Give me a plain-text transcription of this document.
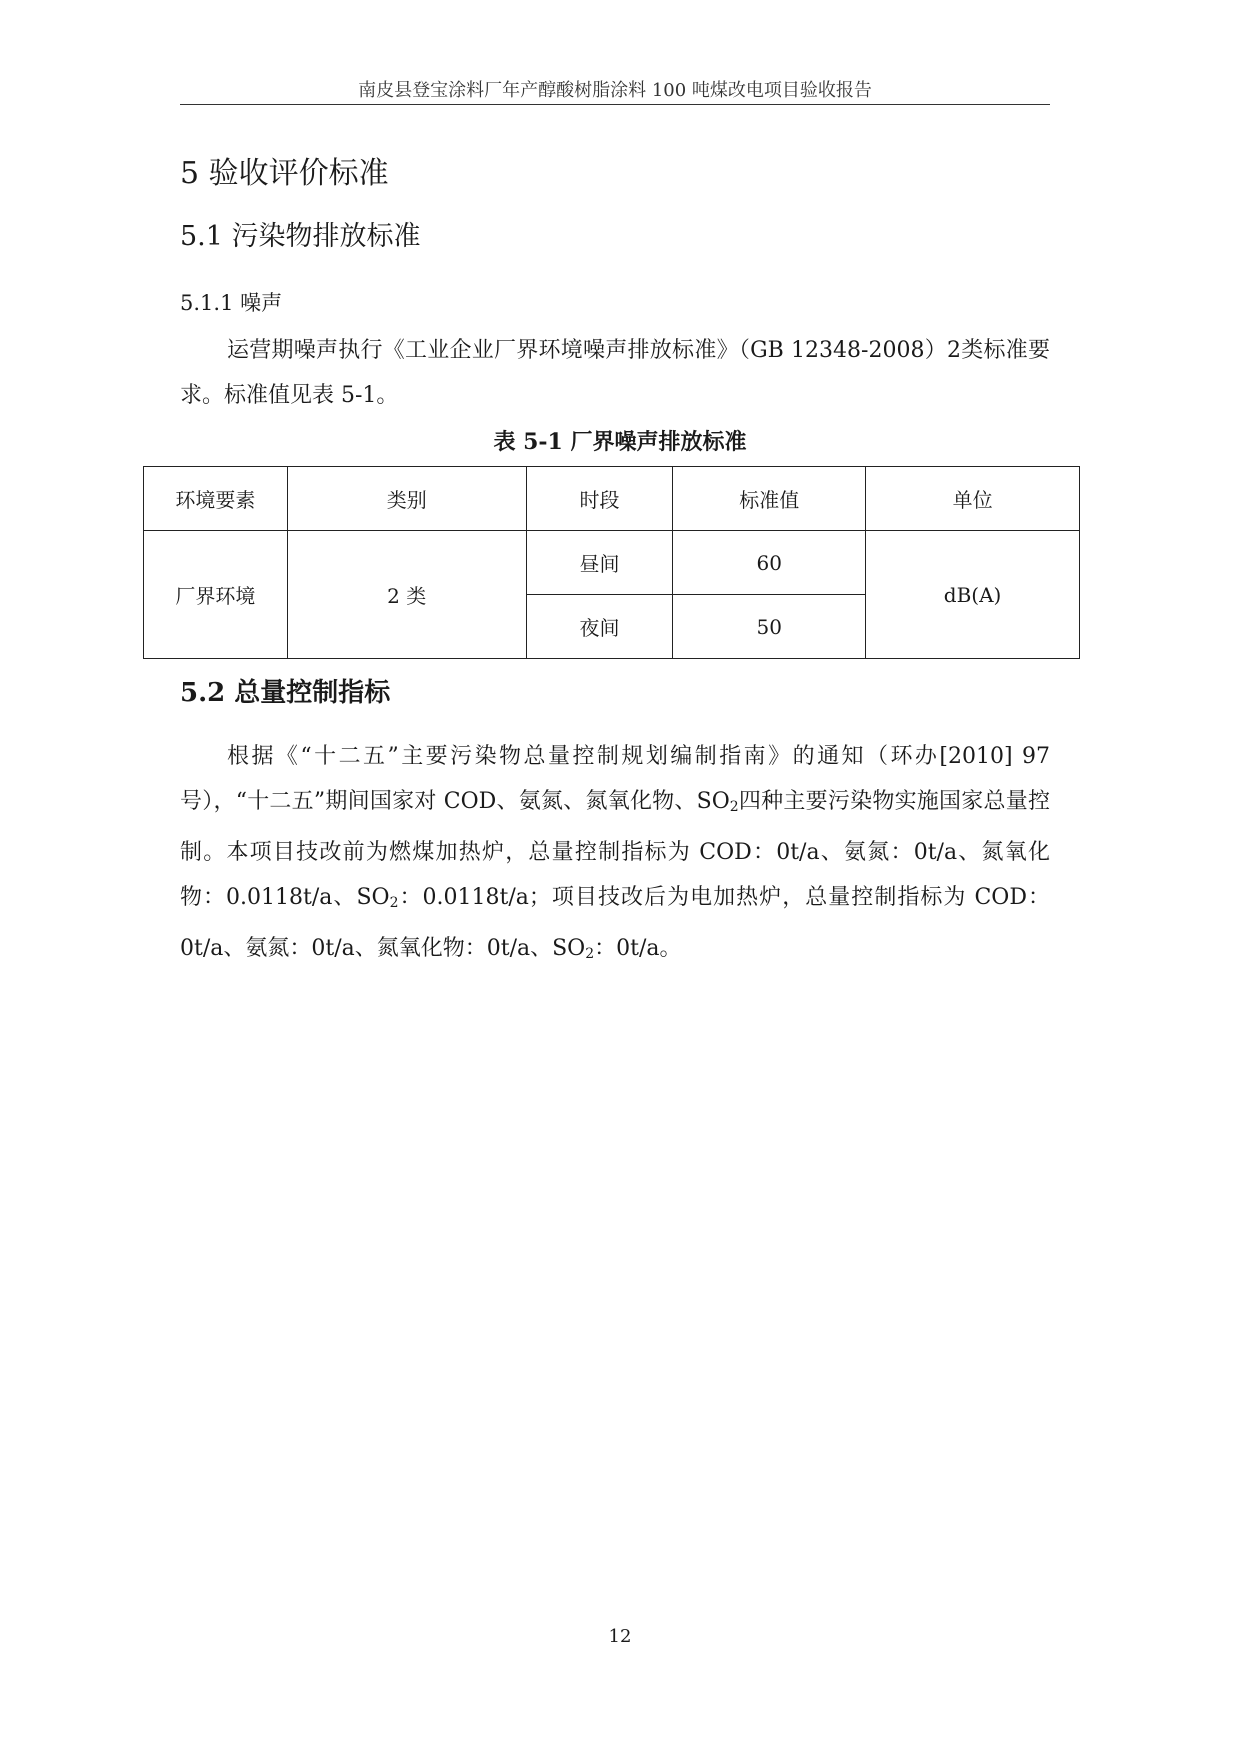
南皮县登宝涂料厂年产醇酸树脂涂料 100 吨煤改电项目验收报告
5 验收评价标准
5.1 污染物排放标准
5.1.1 噪声
运营期噪声执行《工业企业厂界环境噪声排放标准》（GB 12348-2008）2类标准要求。标准值见表 5-1。
表 5-1 厂界噪声排放标准
环境要素	类别	时段	标准值	单位
厂界环境	2 类	昼间	60	dB(A)
		夜间	50	
5.2 总量控制指标
根据《“十二五”主要污染物总量控制规划编制指南》的通知（环办[2010] 97号），“十二五”期间国家对 COD、氨氮、氮氧化物、$SO_2$四种主要污染物实施国家总量控制。本项目技改前为燃煤加热炉，总量控制指标为 COD：0t/a、氨氮：0t/a、氮氧化物：0.0118t/a、$SO_2$：0.0118t/a；项目技改后为电加热炉，总量控制指标为 COD：0t/a、氨氮：0t/a、氮氧化物：0t/a、$SO_2$：0t/a。
12
